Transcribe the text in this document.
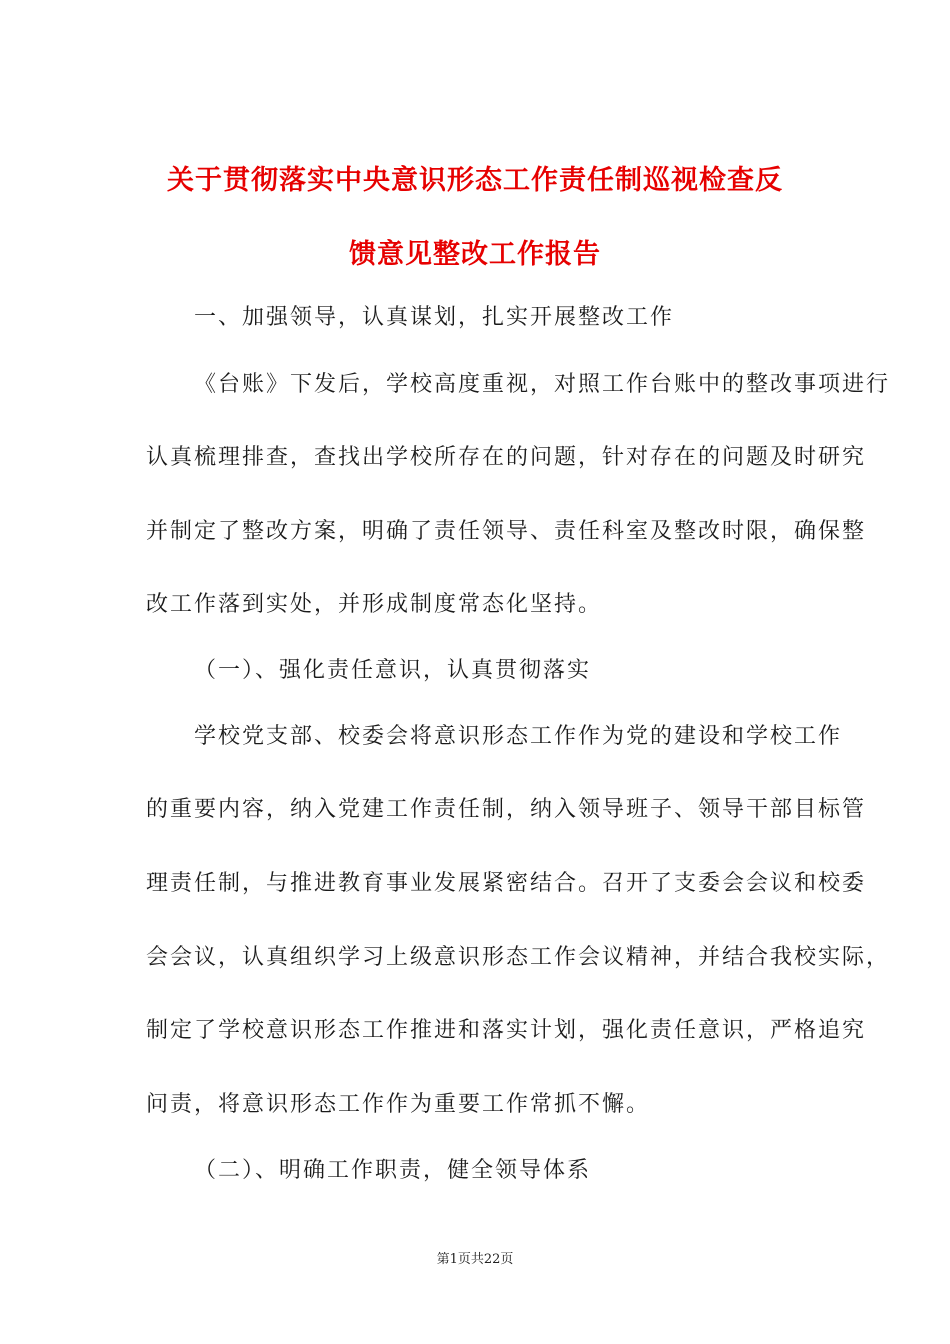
关于贯彻落实中央意识形态工作责任制巡视检查反
馈意见整改工作报告
一、加强领导，认真谋划，扎实开展整改工作
《台账》下发后，学校高度重视，对照工作台账中的整改事项进行
认真梳理排查，查找出学校所存在的问题，针对存在的问题及时研究
并制定了整改方案，明确了责任领导、责任科室及整改时限，确保整
改工作落到实处，并形成制度常态化坚持。
（一）、强化责任意识，认真贯彻落实
学校党支部、校委会将意识形态工作作为党的建设和学校工作
的重要内容，纳入党建工作责任制，纳入领导班子、领导干部目标管
理责任制，与推进教育事业发展紧密结合。召开了支委会会议和校委
会会议，认真组织学习上级意识形态工作会议精神，并结合我校实际，
制定了学校意识形态工作推进和落实计划，强化责任意识，严格追究
问责，将意识形态工作作为重要工作常抓不懈。
（二）、明确工作职责，健全领导体系
第1页共22页
